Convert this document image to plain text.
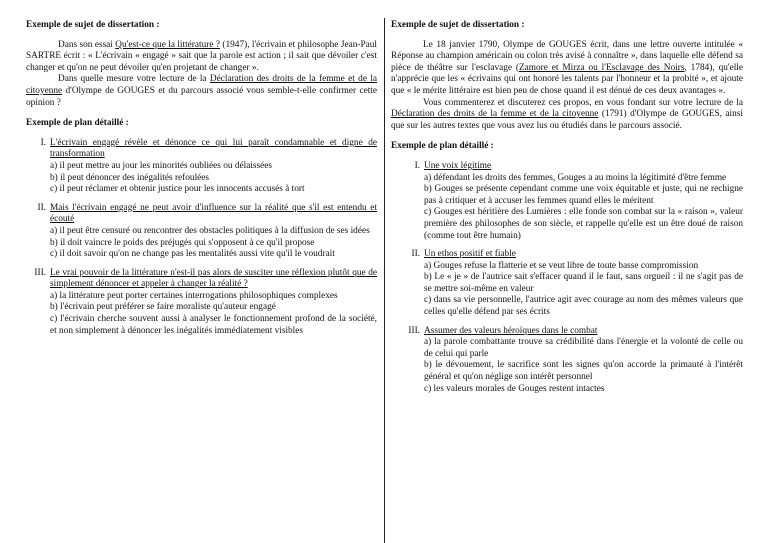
Exemple de sujet de dissertation :

Dans son essai Qu'est-ce que la littérature ? (1947), l'écrivain et philosophe Jean-Paul SARTRE écrit : « L'écrivain « engagé » sait que la parole est action ; il sait que dévoiler c'est changer et qu'on ne peut dévoiler qu'en projetant de changer ».

Dans quelle mesure votre lecture de la Déclaration des droits de la femme et de la citoyenne d'Olympe de GOUGES et du parcours associé vous semble-t-elle confirmer cette opinion ?

Exemple de plan détaillé :
I. L'écrivain engagé révèle et dénonce ce qui lui paraît condamnable et digne de transformation
a) il peut mettre au jour les minorités oubliées ou délaissées
b) il peut dénoncer des inégalités refoulées
c) il peut réclamer et obtenir justice pour les innocents accusés à tort
II. Mais l'écrivain engagé ne peut avoir d'influence sur la réalité que s'il est entendu et écouté
a) il peut être censuré ou rencontrer des obstacles politiques à la diffusion de ses idées
b) il doit vaincre le poids des préjugés qui s'opposent à ce qu'il propose
c) il doit savoir qu'on ne change pas les mentalités aussi vite qu'il le voudrait
III. Le vrai pouvoir de la littérature n'est-il pas alors de susciter une réflexion plutôt que de simplement dénoncer et appeler à changer la réalité ?
a) la littérature peut porter certaines interrogations philosophiques complexes
b) l'écrivain peut préférer se faire moraliste qu'auteur engagé
c) l'écrivain cherche souvent aussi à analyser le fonctionnement profond de la société, et non simplement à dénoncer les inégalités immédiatement visibles
Exemple de sujet de dissertation :

Le 18 janvier 1790, Olympe de GOUGES écrit, dans une lettre ouverte intitulée « Réponse au champion américain ou colon très avisé à connaître », dans laquelle elle défend sa pièce de théâtre sur l'esclavage (Zamore et Mirza ou l'Esclavage des Noirs, 1784), qu'elle n'apprécie que les « écrivains qui ont honoré les talents par l'honneur et la probité », et ajoute que « le mérite littéraire est bien peu de chose quand il est dénué de ces deux avantages ».

Vous commenterez et discuterez ces propos, en vous fondant sur votre lecture de la Déclaration des droits de la femme et de la citoyenne (1791) d'Olympe de GOUGES, ainsi que sur les autres textes que vous avez lus ou étudiés dans le parcours associé.

Exemple de plan détaillé :
I. Une voix légitime
a) défendant les droits des femmes, Gouges a au moins la légitimité d'être femme
b) Gouges se présente cependant comme une voix équitable et juste, qui ne rechigne pas à critiquer et à accuser les femmes quand elles le méritent
c) Gouges est héritière des Lumières : elle fonde son combat sur la « raison », valeur première des philosophes de son siècle, et rappelle qu'elle est un être doué de raison (comme tout être humain)
II. Un ethos positif et fiable
a) Gouges refuse la flatterie et se veut libre de toute basse compromission
b) Le « je » de l'autrice sait s'effacer quand il le faut, sans orgueil : il ne s'agit pas de se mettre soi-même en valeur
c) dans sa vie personnelle, l'autrice agit avec courage au nom des mêmes valeurs que celles qu'elle défend par ses écrits
III. Assumer des valeurs héroïques dans le combat
a) la parole combattante trouve sa crédibilité dans l'énergie et la volonté de celle ou de celui qui parle
b) le dévouement, le sacrifice sont les signes qu'on accorde la primauté à l'intérêt général et qu'on néglige son intérêt personnel
c) les valeurs morales de Gouges restent intactes
